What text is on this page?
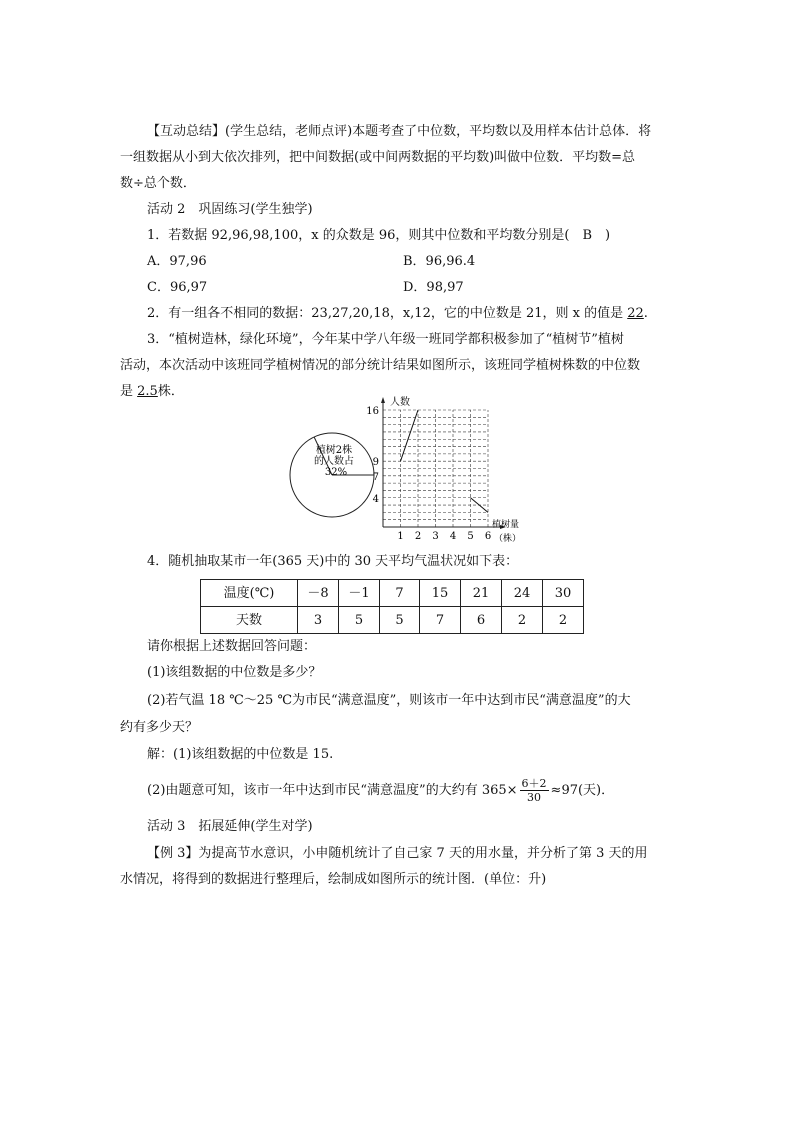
【互动总结】(学生总结，老师点评)本题考查了中位数，平均数以及用样本估计总体．将
一组数据从小到大依次排列，把中间数据(或中间两数据的平均数)叫做中位数．平均数=总
数÷总个数．
活动 2　巩固练习(学生独学)
1．若数据 92,96,98,100，x 的众数是 96，则其中位数和平均数分别是(　B　)
A．97,96	B．96,96.4
C．96,97	D．98,97
2．有一组各不相同的数据：23,27,20,18，x,12，它的中位数是 21，则 x 的值是 22.
3．“植树造林，绿化环境”，今年某中学八年级一班同学都积极参加了“植树节”植树
活动，本次活动中该班同学植树情况的部分统计结果如图所示，该班同学植树株数的中位数
是 2.5株．
植树2株
的人数占
32%
人数
植树量
（株）
4
7
9
16
1 2 3 4 5 6
4．随机抽取某市一年(365 天)中的 30 天平均气温状况如下表：
温度(℃)	－8	－1	7	15	21	24	30
天数	3	5	5	7	6	2	2
请你根据上述数据回答问题：
(1)该组数据的中位数是多少？
(2)若气温 18 ℃～25 ℃为市民“满意温度”，则该市一年中达到市民“满意温度”的大
约有多少天？
解：(1)该组数据的中位数是 15.
(2)由题意可知，该市一年中达到市民“满意温度”的大约有 $365\times \frac{6+2}{30} \approx 97$(天)．
活动 3　拓展延伸(学生对学)
【例 3】为提高节水意识，小申随机统计了自己家 7 天的用水量，并分析了第 3 天的用
水情况，将得到的数据进行整理后，绘制成如图所示的统计图．(单位：升)
